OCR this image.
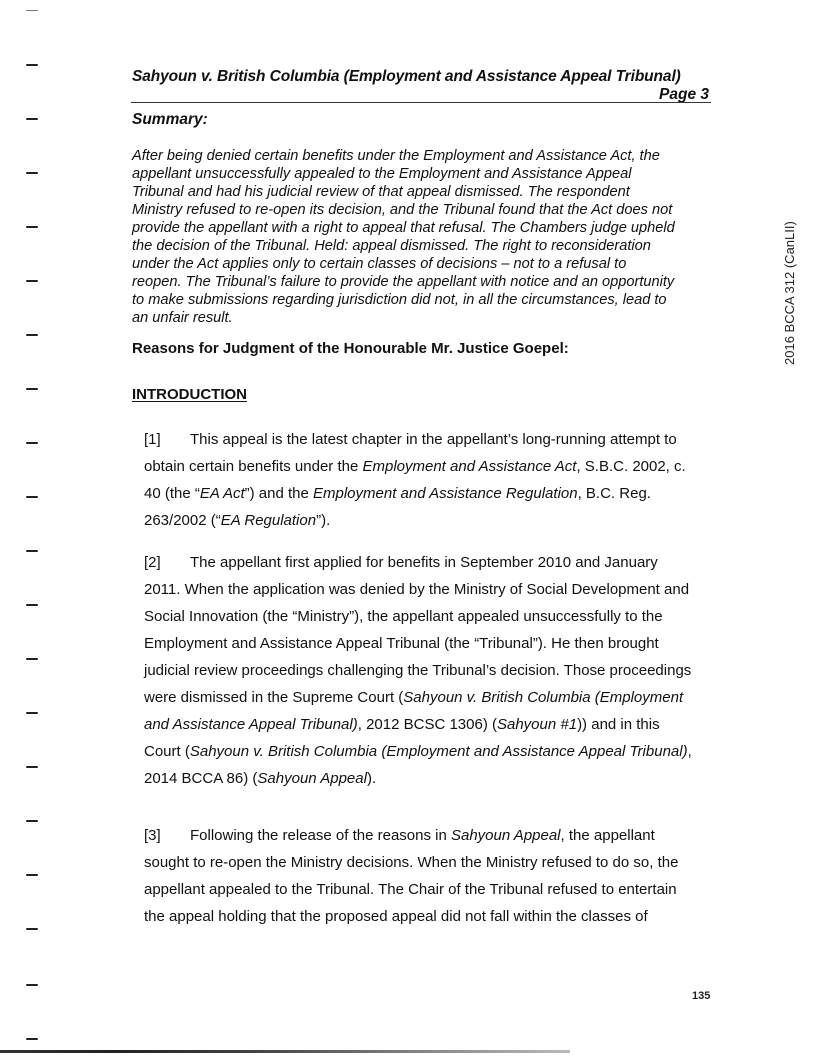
Sahyoun v. British Columbia (Employment and Assistance Appeal Tribunal)
Page 3
Summary:
After being denied certain benefits under the Employment and Assistance Act, the
appellant unsuccessfully appealed to the Employment and Assistance Appeal
Tribunal and had his judicial review of that appeal dismissed. The respondent
Ministry refused to re-open its decision, and the Tribunal found that the Act does not
provide the appellant with a right to appeal that refusal. The Chambers judge upheld
the decision of the Tribunal. Held: appeal dismissed. The right to reconsideration
under the Act applies only to certain classes of decisions – not to a refusal to
reopen. The Tribunal’s failure to provide the appellant with notice and an opportunity
to make submissions regarding jurisdiction did not, in all the circumstances, lead to
an unfair result.
Reasons for Judgment of the Honourable Mr. Justice Goepel:
INTRODUCTION
[1] This appeal is the latest chapter in the appellant’s long-running attempt to
obtain certain benefits under the Employment and Assistance Act, S.B.C. 2002, c.
40 (the “EA Act”) and the Employment and Assistance Regulation, B.C. Reg.
263/2002 (“EA Regulation”).
[2] The appellant first applied for benefits in September 2010 and January
2011. When the application was denied by the Ministry of Social Development and
Social Innovation (the “Ministry”), the appellant appealed unsuccessfully to the
Employment and Assistance Appeal Tribunal (the “Tribunal”). He then brought
judicial review proceedings challenging the Tribunal’s decision. Those proceedings
were dismissed in the Supreme Court (Sahyoun v. British Columbia (Employment
and Assistance Appeal Tribunal), 2012 BCSC 1306) (Sahyoun #1)) and in this
Court (Sahyoun v. British Columbia (Employment and Assistance Appeal Tribunal),
2014 BCCA 86) (Sahyoun Appeal).
[3] Following the release of the reasons in Sahyoun Appeal, the appellant
sought to re-open the Ministry decisions. When the Ministry refused to do so, the
appellant appealed to the Tribunal. The Chair of the Tribunal refused to entertain
the appeal holding that the proposed appeal did not fall within the classes of
2016 BCCA 312 (CanLII)
135
